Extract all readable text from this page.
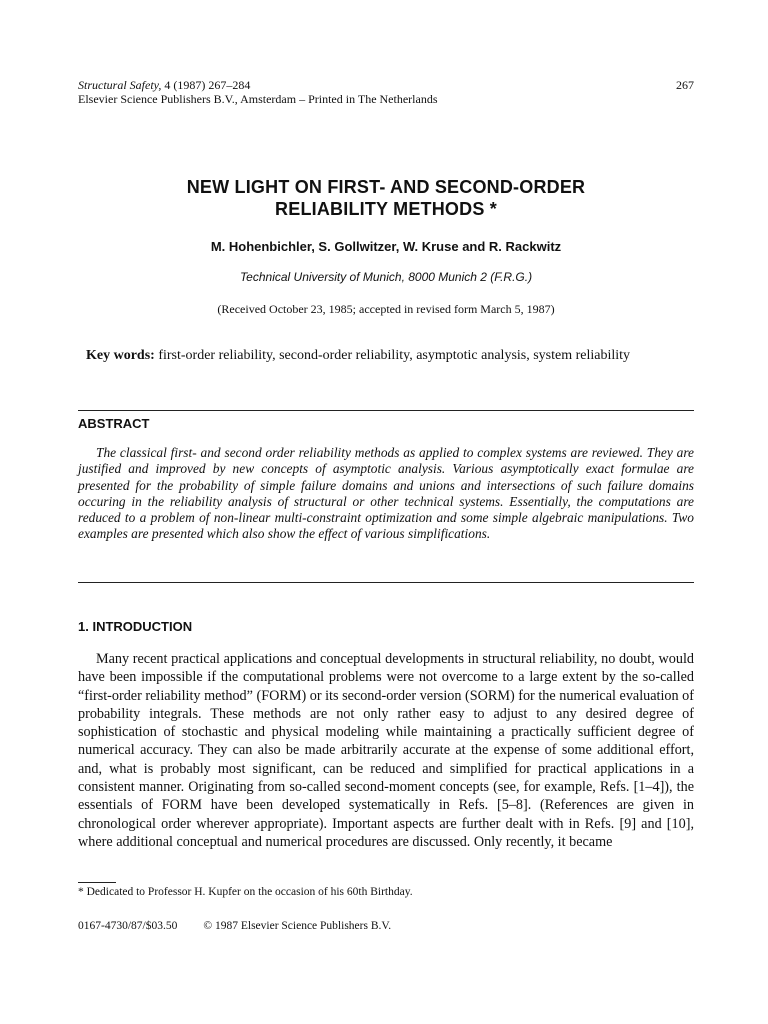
Structural Safety, 4 (1987) 267–284	267
Elsevier Science Publishers B.V., Amsterdam – Printed in The Netherlands
NEW LIGHT ON FIRST- AND SECOND-ORDER
RELIABILITY METHODS *
M. Hohenbichler, S. Gollwitzer, W. Kruse and R. Rackwitz
Technical University of Munich, 8000 Munich 2 (F.R.G.)
(Received October 23, 1985; accepted in revised form March 5, 1987)
Key words: first-order reliability, second-order reliability, asymptotic analysis, system reliability
ABSTRACT

The classical first- and second order reliability methods as applied to complex systems are reviewed. They are justified and improved by new concepts of asymptotic analysis. Various asymptotically exact formulae are presented for the probability of simple failure domains and unions and intersections of such failure domains occuring in the reliability analysis of structural or other technical systems. Essentially, the computations are reduced to a problem of non-linear multi-constraint optimization and some simple algebraic manipulations. Two examples are presented which also show the effect of various simplifications.

1. INTRODUCTION

Many recent practical applications and conceptual developments in structural reliability, no doubt, would have been impossible if the computational problems were not overcome to a large extent by the so-called “first-order reliability method” (FORM) or its second-order version (SORM) for the numerical evaluation of probability integrals. These methods are not only rather easy to adjust to any desired degree of sophistication of stochastic and physical modeling while maintaining a practically sufficient degree of numerical accuracy. They can also be made arbitrarily accurate at the expense of some additional effort, and, what is probably most significant, can be reduced and simplified for practical applications in a consistent manner. Originating from so-called second-moment concepts (see, for example, Refs. [1–4]), the essentials of FORM have been developed systematically in Refs. [5–8]. (References are given in chronological order wherever appropriate). Important aspects are further dealt with in Refs. [9] and [10], where additional conceptual and numerical procedures are discussed. Only recently, it became

* Dedicated to Professor H. Kupfer on the occasion of his 60th Birthday.
0167-4730/87/$03.50 © 1987 Elsevier Science Publishers B.V.
